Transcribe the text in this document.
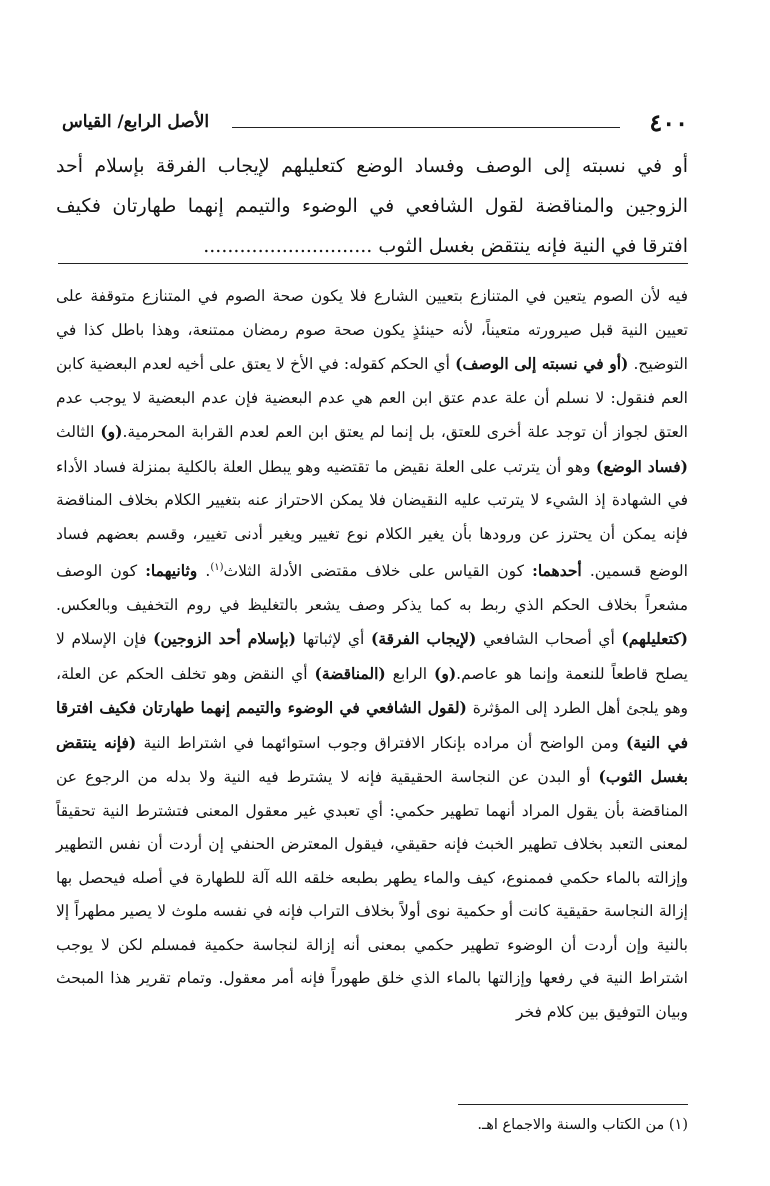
٤٠٠
الأصل الرابع/ القياس
أو في نسبته إلى الوصف وفساد الوضع كتعليلهم لإيجاب الفرقة بإسلام أحد الزوجين والمناقضة لقول الشافعي في الوضوء والتيمم إنهما طهارتان فكيف افترقا في النية فإنه ينتقض بغسل الثوب ............................
فيه لأن الصوم يتعين في المتنازع بتعيين الشارع فلا يكون صحة الصوم في المتنازع متوقفة على تعيين النية قبل صيرورته متعيناً، لأنه حينئذٍ يكون صحة صوم رمضان ممتنعة، وهذا باطل كذا في التوضيح. (أو في نسبته إلى الوصف) أي الحكم كقوله: في الأخ لا يعتق على أخيه لعدم البعضية كابن العم فنقول: لا نسلم أن علة عدم عتق ابن العم هي عدم البعضية فإن عدم البعضية لا يوجب عدم العتق لجواز أن توجد علة أخرى للعتق، بل إنما لم يعتق ابن العم لعدم القرابة المحرمية.(و) الثالث (فساد الوضع) وهو أن يترتب على العلة نقيض ما تقتضيه وهو يبطل العلة بالكلية بمنزلة فساد الأداء في الشهادة إذ الشيء لا يترتب عليه النقيضان فلا يمكن الاحتراز عنه بتغيير الكلام بخلاف المناقضة فإنه يمكن أن يحترز عن ورودها بأن يغير الكلام نوع تغيير ويغير أدنى تغيير، وقسم بعضهم فساد الوضع قسمين. أحدهما: كون القياس على خلاف مقتضى الأدلة الثلاث$^{(١)}$. وثانيهما: كون الوصف مشعراً بخلاف الحكم الذي ربط به كما يذكر وصف يشعر بالتغليظ في روم التخفيف وبالعكس. (كتعليلهم) أي أصحاب الشافعي (لإيجاب الفرقة) أي لإثباتها (بإسلام أحد الزوجين) فإن الإسلام لا يصلح قاطعاً للنعمة وإنما هو عاصم.(و) الرابع (المناقضة) أي النقض وهو تخلف الحكم عن العلة، وهو يلجئ أهل الطرد إلى المؤثرة (لقول الشافعي في الوضوء والتيمم إنهما طهارتان فكيف افترقا في النية) ومن الواضح أن مراده بإنكار الافتراق وجوب استوائهما في اشتراط النية (فإنه ينتقض بغسل الثوب) أو البدن عن النجاسة الحقيقية فإنه لا يشترط فيه النية ولا بدله من الرجوع عن المناقضة بأن يقول المراد أنهما تطهير حكمي: أي تعبدي غير معقول المعنى فتشترط النية تحقيقاً لمعنى التعبد بخلاف تطهير الخبث فإنه حقيقي، فيقول المعترض الحنفي إن أردت أن نفس التطهير وإزالته بالماء حكمي فممنوع، كيف والماء يطهر بطبعه خلقه الله آلة للطهارة في أصله فيحصل بها إزالة النجاسة حقيقية كانت أو حكمية نوى أولاً بخلاف التراب فإنه في نفسه ملوث لا يصير مطهراً إلا بالنية وإن أردت أن الوضوء تطهير حكمي بمعنى أنه إزالة لنجاسة حكمية فمسلم لكن لا يوجب اشتراط النية في رفعها وإزالتها بالماء الذي خلق طهوراً فإنه أمر معقول. وتمام تقرير هذا المبحث وبيان التوفيق بين كلام فخر
(١) من الكتاب والسنة والاجماع اهـ.
